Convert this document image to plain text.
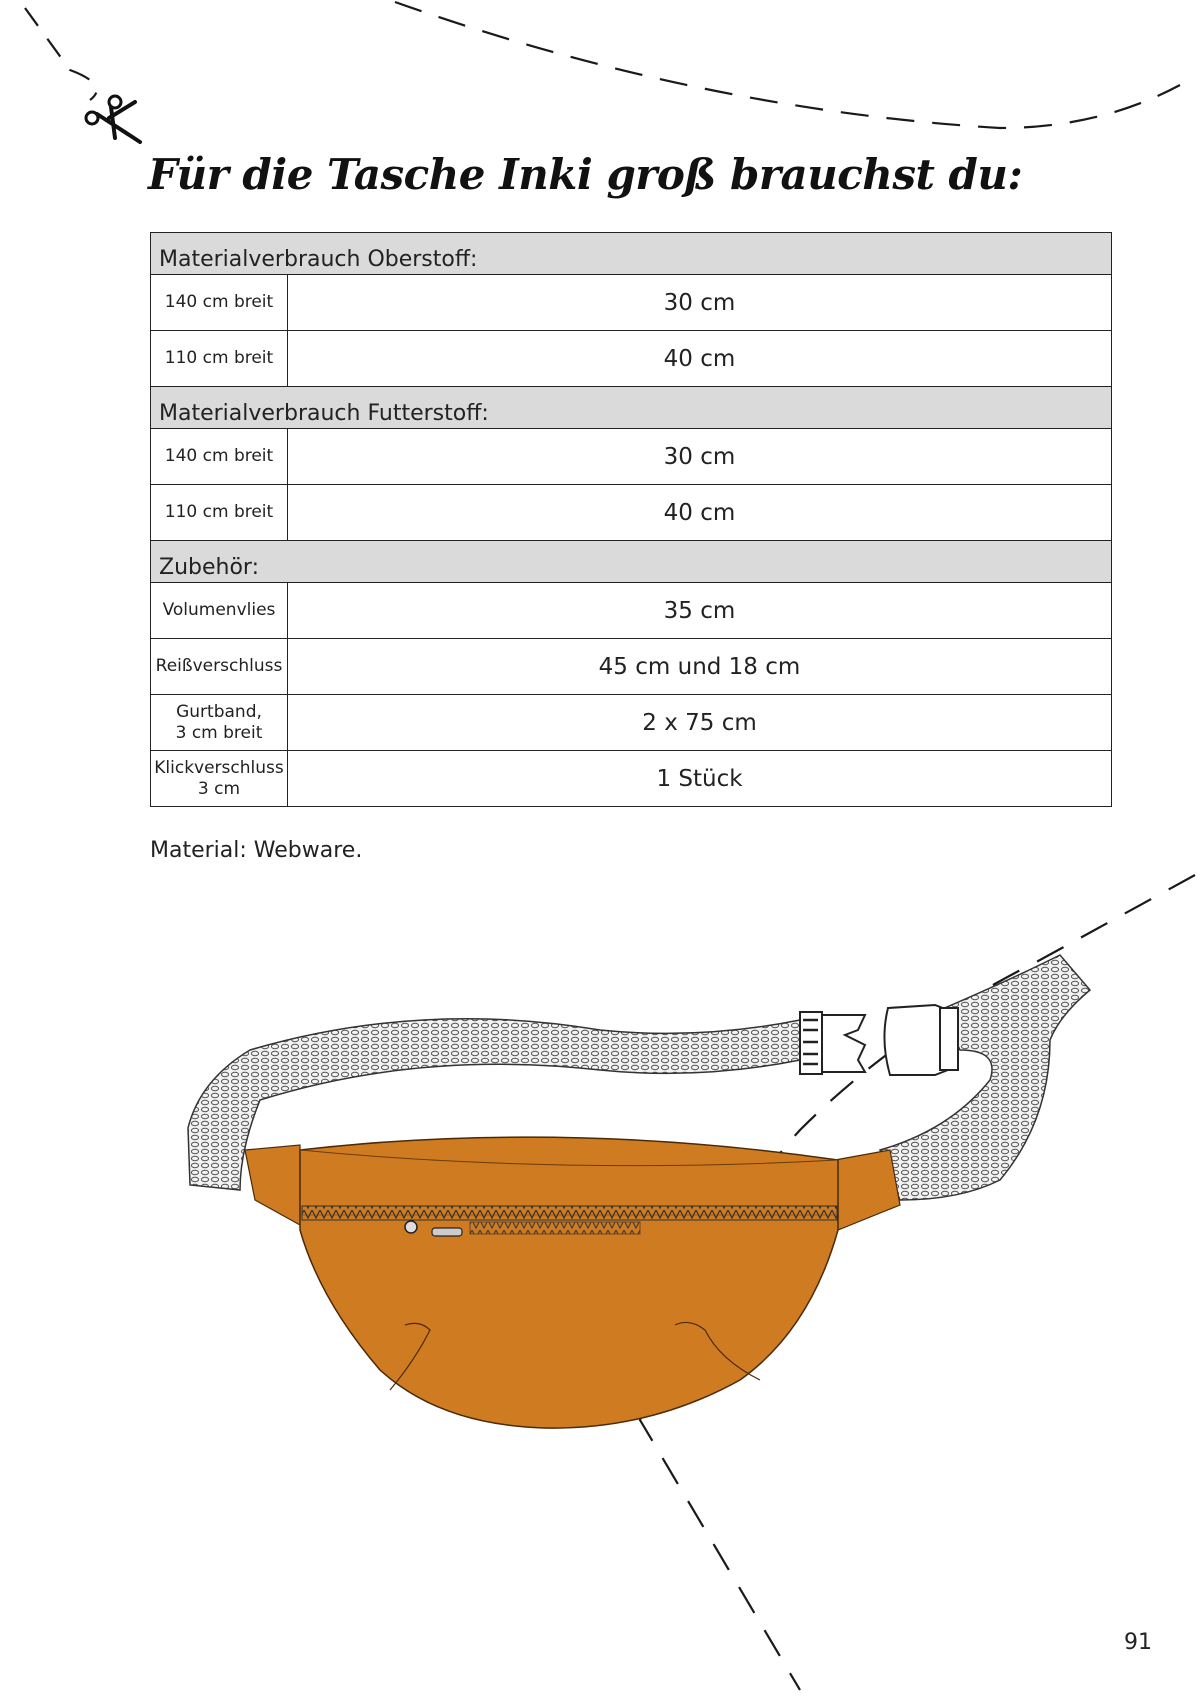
Für die Tasche Inki groß brauchst du:
Materialverbrauch Oberstoff:	
140 cm breit	30 cm
110 cm breit	40 cm
Materialverbrauch Futterstoff:	
140 cm breit	30 cm
110 cm breit	40 cm
Zubehör:	
Volumenvlies	35 cm
Reißverschluss	45 cm und 18 cm
Gurtband,
3 cm breit	2 x 75 cm
Klickverschluss
3 cm	1 Stück

Material: Webware.

91
